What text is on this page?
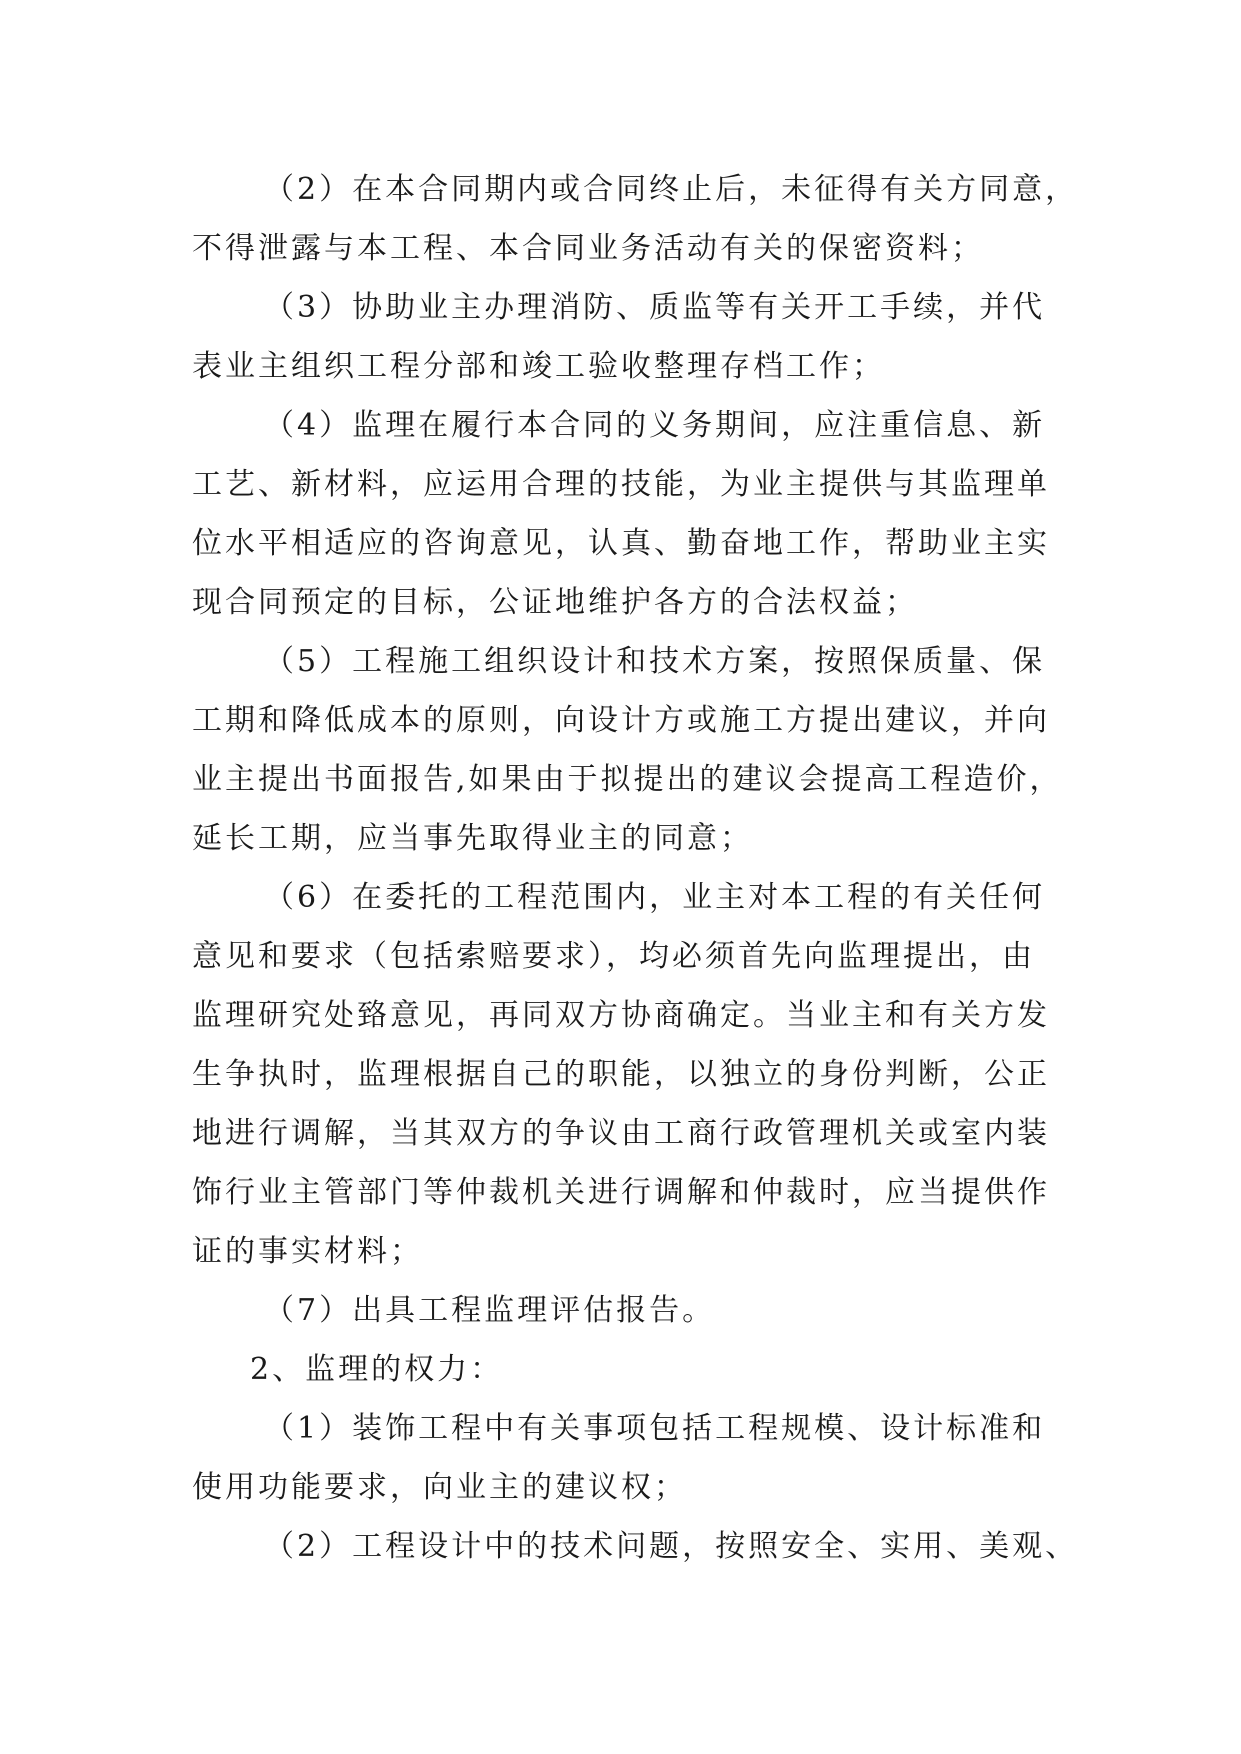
（2）在本合同期内或合同终止后，未征得有关方同意，
不得泄露与本工程、本合同业务活动有关的保密资料；
（3）协助业主办理消防、质监等有关开工手续，并代
表业主组织工程分部和竣工验收整理存档工作；
（4）监理在履行本合同的义务期间，应注重信息、新
工艺、新材料，应运用合理的技能，为业主提供与其监理单
位水平相适应的咨询意见，认真、勤奋地工作，帮助业主实
现合同预定的目标，公证地维护各方的合法权益；
（5）工程施工组织设计和技术方案，按照保质量、保
工期和降低成本的原则，向设计方或施工方提出建议，并向
业主提出书面报告,如果由于拟提出的建议会提高工程造价，
延长工期，应当事先取得业主的同意；
（6）在委托的工程范围内，业主对本工程的有关任何
意见和要求（包括索赔要求），均必须首先向监理提出，由
监理研究处臵意见，再同双方协商确定。当业主和有关方发
生争执时，监理根据自己的职能，以独立的身份判断，公正
地进行调解，当其双方的争议由工商行政管理机关或室内装
饰行业主管部门等仲裁机关进行调解和仲裁时，应当提供作
证的事实材料；
（7）出具工程监理评估报告。
2、监理的权力：
（1）装饰工程中有关事项包括工程规模、设计标准和
使用功能要求，向业主的建议权；
（2）工程设计中的技术问题，按照安全、实用、美观、
